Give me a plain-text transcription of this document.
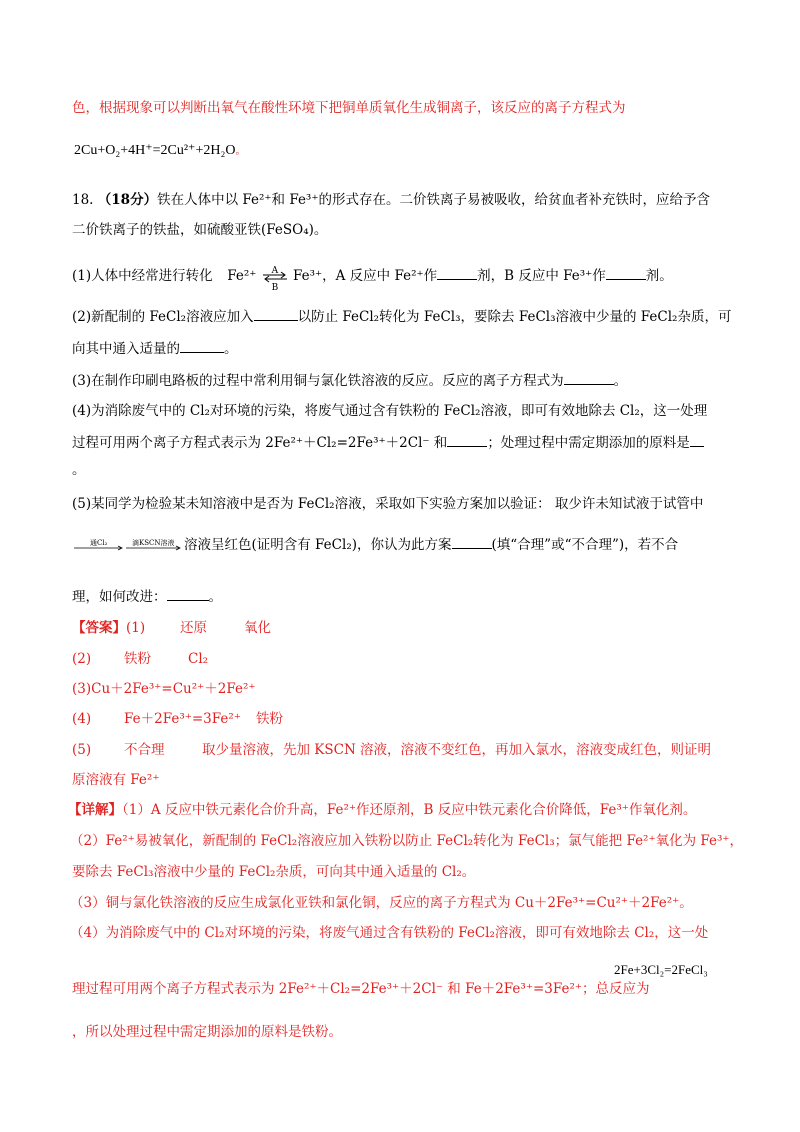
色，根据现象可以判断出氧气在酸性环境下把铜单质氧化生成铜离子，该反应的离子方程式为
2Cu+O₂+4H⁺=2Cu²⁺+2H₂O。
18. （18分）铁在人体中以 Fe²⁺和 Fe³⁺的形式存在。二价铁离子易被吸收，给贫血者补充铁时，应给予含
二价铁离子的铁盐，如硫酸亚铁(FeSO₄)。
(1)人体中经常进行转化 Fe²⁺ A
B
Fe³⁺，A 反应中 Fe²⁺作	剂，B 反应中 Fe³⁺作	剂。
(2)新配制的 FeCl₂溶液应加入	以防止 FeCl₂转化为 FeCl₃，要除去 FeCl₃溶液中少量的 FeCl₂杂质，可
向其中通入适量的	。
(3)在制作印刷电路板的过程中常利用铜与氯化铁溶液的反应。反应的离子方程式为	。
(4)为消除废气中的 Cl₂对环境的污染，将废气通过含有铁粉的 FeCl₂溶液，即可有效地除去 Cl₂，这一处理
过程可用两个离子方程式表示为 2Fe²⁺＋Cl₂=2Fe³⁺＋2Cl⁻ 和	；处理过程中需定期添加的原料是
。
(5)某同学为检验某未知溶液中是否为 FeCl₂溶液，采取如下实验方案加以验证： 取少许未知试液于试管中
通Cl₂	滴KSCN溶液 溶液呈红色(证明含有 FeCl₂)，你认为此方案	(填“合理”或“不合理”)，若不合
理，如何改进：	。
【答案】(1)	还原	氧化
(2) 铁粉	Cl₂
(3)Cu＋2Fe³⁺=Cu²⁺＋2Fe²⁺
(4) Fe＋2Fe³⁺=3Fe²⁺ 铁粉
(5) 不合理	取少量溶液，先加 KSCN 溶液，溶液不变红色，再加入氯水，溶液变成红色，则证明
原溶液有 Fe²⁺
【详解】（1）A 反应中铁元素化合价升高，Fe²⁺作还原剂，B 反应中铁元素化合价降低，Fe³⁺作氧化剂。
（2）Fe²⁺易被氧化，新配制的 FeCl₂溶液应加入铁粉以防止 FeCl₂转化为 FeCl₃；氯气能把 Fe²⁺氧化为 Fe³⁺，
要除去 FeCl₃溶液中少量的 FeCl₂杂质，可向其中通入适量的 Cl₂。
（3）铜与氯化铁溶液的反应生成氯化亚铁和氯化铜，反应的离子方程式为 Cu＋2Fe³⁺=Cu²⁺＋2Fe²⁺。
（4）为消除废气中的 Cl₂对环境的污染，将废气通过含有铁粉的 FeCl₂溶液，即可有效地除去 Cl₂，这一处
2Fe+3Cl₂=2FeCl₃
理过程可用两个离子方程式表示为 2Fe²⁺＋Cl₂=2Fe³⁺＋2Cl⁻ 和 Fe＋2Fe³⁺=3Fe²⁺；总反应为
，所以处理过程中需定期添加的原料是铁粉。
